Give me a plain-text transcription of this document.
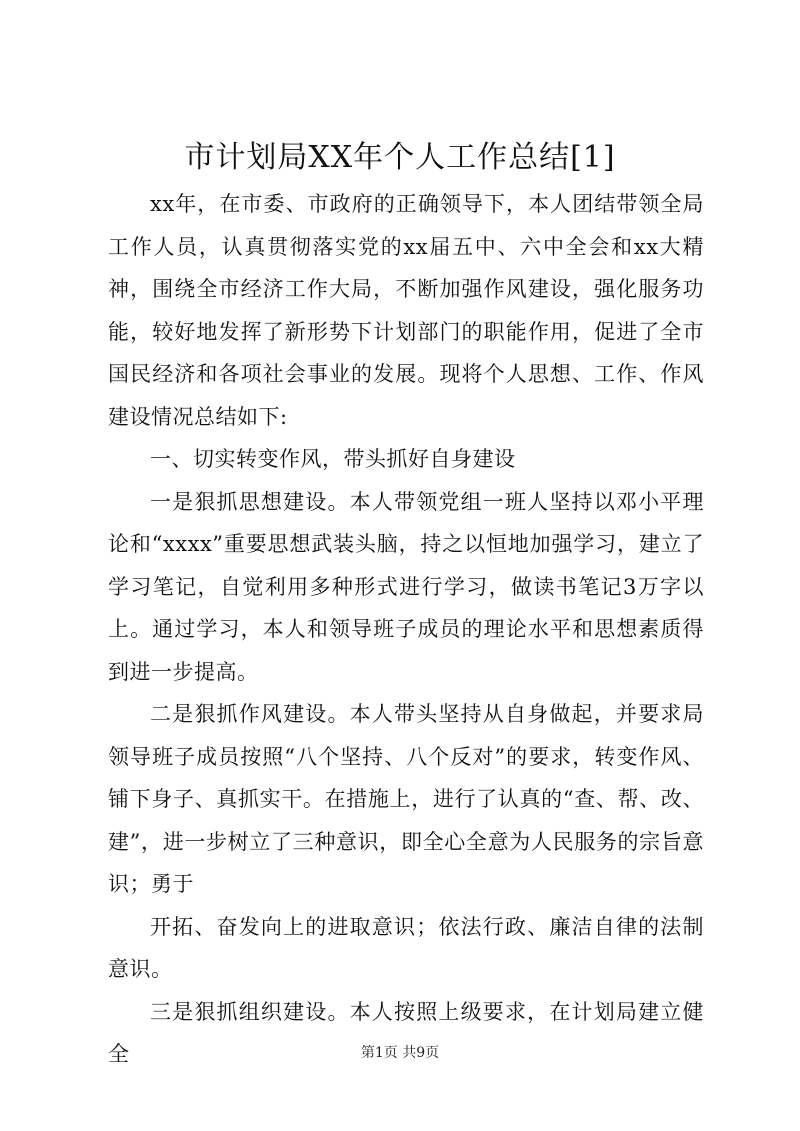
市计划局XX年个人工作总结[1]

xx年，在市委、市政府的正确领导下，本人团结带领全局工作人员，认真贯彻落实党的xx届五中、六中全会和xx大精神，围绕全市经济工作大局，不断加强作风建设，强化服务功能，较好地发挥了新形势下计划部门的职能作用，促进了全市国民经济和各项社会事业的发展。现将个人思想、工作、作风建设情况总结如下:

一、切实转变作风，带头抓好自身建设

一是狠抓思想建设。本人带领党组一班人坚持以邓小平理论和“xxxx”重要思想武装头脑，持之以恒地加强学习，建立了学习笔记，自觉利用多种形式进行学习，做读书笔记3万字以上。通过学习，本人和领导班子成员的理论水平和思想素质得到进一步提高。

二是狠抓作风建设。本人带头坚持从自身做起，并要求局领导班子成员按照“八个坚持、八个反对”的要求，转变作风、铺下身子、真抓实干。在措施上，进行了认真的“查、帮、改、建”，进一步树立了三种意识，即全心全意为人民服务的宗旨意识；勇于

开拓、奋发向上的进取意识；依法行政、廉洁自律的法制意识。

三是狠抓组织建设。本人按照上级要求，在计划局建立健全	第1页 共9页
